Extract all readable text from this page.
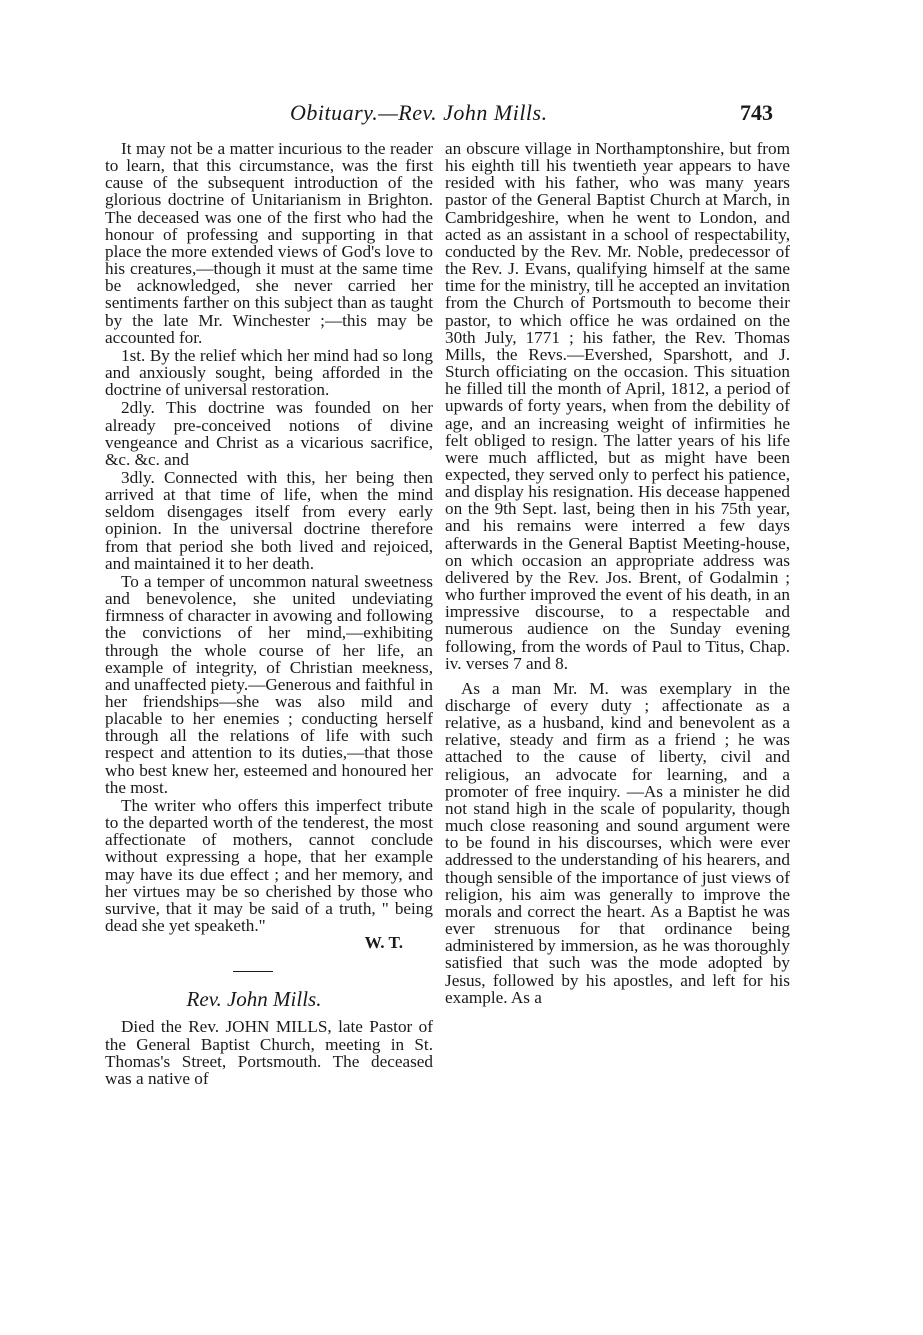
Obituary.—Rev. John Mills.	743

It may not be a matter incurious to the reader to learn, that this circumstance, was the first cause of the subsequent introduction of the glorious doctrine of Unitarianism in Brighton. The deceased was one of the first who had the honour of professing and supporting in that place the more extended views of God's love to his creatures,—though it must at the same time be acknowledged, she never carried her sentiments farther on this subject than as taught by the late Mr. Winchester ;—this may be accounted for.

1st. By the relief which her mind had so long and anxiously sought, being afforded in the doctrine of universal restoration.

2dly. This doctrine was founded on her already pre-conceived notions of divine vengeance and Christ as a vicarious sacrifice, &c. &c. and

3dly. Connected with this, her being then arrived at that time of life, when the mind seldom disengages itself from every early opinion. In the universal doctrine therefore from that period she both lived and rejoiced, and maintained it to her death.

To a temper of uncommon natural sweetness and benevolence, she united undeviating firmness of character in avowing and following the convictions of her mind,—exhibiting through the whole course of her life, an example of integrity, of Christian meekness, and unaffected piety.—Generous and faithful in her friendships—she was also mild and placable to her enemies ; conducting herself through all the relations of life with such respect and attention to its duties,—that those who best knew her, esteemed and honoured her the most.

The writer who offers this imperfect tribute to the departed worth of the tenderest, the most affectionate of mothers, cannot conclude without expressing a hope, that her example may have its due effect ; and her memory, and her virtues may be so cherished by those who survive, that it may be said of a truth, " being dead she yet speaketh."

W. T.

Rev. John Mills.

Died the Rev. JOHN MILLS, late Pastor of the General Baptist Church, meeting in St. Thomas's Street, Portsmouth. The deceased was a native of

an obscure village in Northamptonshire, but from his eighth till his twentieth year appears to have resided with his father, who was many years pastor of the General Baptist Church at March, in Cambridgeshire, when he went to London, and acted as an assistant in a school of respectability, conducted by the Rev. Mr. Noble, predecessor of the Rev. J. Evans, qualifying himself at the same time for the ministry, till he accepted an invitation from the Church of Portsmouth to become their pastor, to which office he was ordained on the 30th July, 1771 ; his father, the Rev. Thomas Mills, the Revs.—Evershed, Sparshott, and J. Sturch officiating on the occasion. This situation he filled till the month of April, 1812, a period of upwards of forty years, when from the debility of age, and an increasing weight of infirmities he felt obliged to resign. The latter years of his life were much afflicted, but as might have been expected, they served only to perfect his patience, and display his resignation. His decease happened on the 9th Sept. last, being then in his 75th year, and his remains were interred a few days afterwards in the General Baptist Meeting-house, on which occasion an appropriate address was delivered by the Rev. Jos. Brent, of Godalmin ; who further improved the event of his death, in an impressive discourse, to a respectable and numerous audience on the Sunday evening following, from the words of Paul to Titus, Chap. iv. verses 7 and 8.

As a man Mr. M. was exemplary in the discharge of every duty ; affectionate as a relative, as a husband, kind and benevolent as a relative, steady and firm as a friend ; he was attached to the cause of liberty, civil and religious, an advocate for learning, and a promoter of free inquiry. —As a minister he did not stand high in the scale of popularity, though much close reasoning and sound argument were to be found in his discourses, which were ever addressed to the understanding of his hearers, and though sensible of the importance of just views of religion, his aim was generally to improve the morals and correct the heart. As a Baptist he was ever strenuous for that ordinance being administered by immersion, as he was thoroughly satisfied that such was the mode adopted by Jesus, followed by his apostles, and left for his example. As a
